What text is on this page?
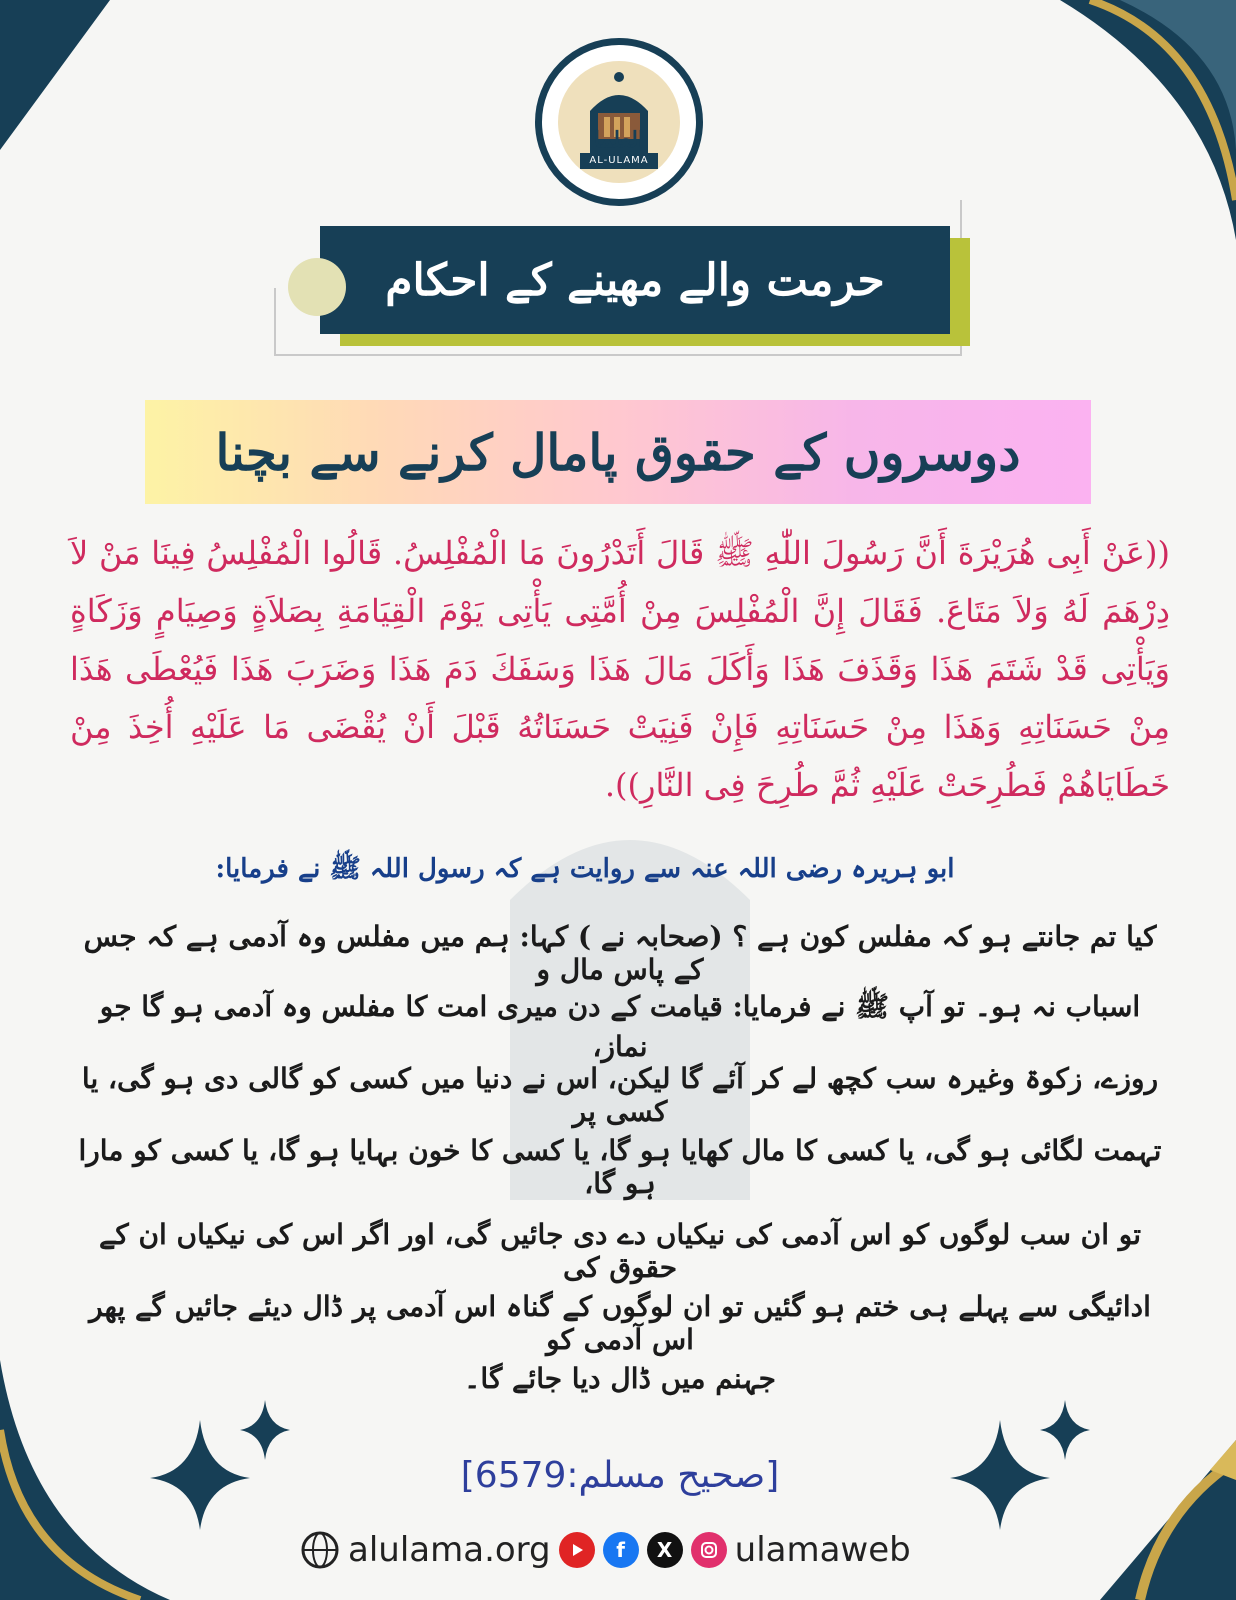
العلما
AL-ULAMA
حرمت والے مهینے کے احکام
دوسروں کے حقوق پامال کرنے سے بچنا
((عَنْ أَبِی هُرَیْرَةَ أَنَّ رَسُولَ اللّٰهِ ﷺ قَالَ أَتَدْرُونَ مَا الْمُفْلِسُ. قَالُوا الْمُفْلِسُ فِینَا مَنْ لاَ دِرْهَمَ لَهُ وَلاَ مَتَاعَ. فَقَالَ إِنَّ الْمُفْلِسَ مِنْ أُمَّتِی یَأْتِی یَوْمَ الْقِیَامَةِ بِصَلاَةٍ وَصِیَامٍ وَزَکَاةٍ وَیَأْتِی قَدْ شَتَمَ هَذَا وَقَذَفَ هَذَا وَأَكَلَ مَالَ هَذَا وَسَفَكَ دَمَ هَذَا وَضَرَبَ هَذَا فَیُعْطَى هَذَا مِنْ حَسَنَاتِهِ وَهَذَا مِنْ حَسَنَاتِهِ فَإِنْ فَنِیَتْ حَسَنَاتُهُ قَبْلَ أَنْ یُقْضَى مَا عَلَیْهِ أُخِذَ مِنْ خَطَایَاهُمْ فَطُرِحَتْ عَلَیْهِ ثُمَّ طُرِحَ فِی النَّارِ)).
ابو ہریرہ رضی اللہ عنہ سے روایت ہے کہ رسول اللہ ﷺ نے فرمایا:
کیا تم جانتے ہو کہ مفلس کون ہے ؟ (صحابہ نے ) کہا: ہم میں مفلس وہ آدمی ہے کہ جس کے پاس مال و
اسباب نہ ہو۔ تو آپ ﷺ نے فرمایا: قیامت کے دن میری امت کا مفلس وہ آدمی ہو گا جو نماز،
روزے، زکوۃ وغیرہ سب کچھ لے کر آئے گا لیکن، اس نے دنیا میں کسی کو گالی دی ہو گی، یا کسی پر
تہمت لگائی ہو گی، یا کسی کا مال کھایا ہو گا، یا کسی کا خون بہایا ہو گا، یا کسی کو مارا ہو گا،
تو ان سب لوگوں کو اس آدمی کی نیکیاں دے دی جائیں گی، اور اگر اس کی نیکیاں ان کے حقوق کی
ادائیگی سے پہلے ہی ختم ہو گئیں تو ان لوگوں کے گناہ اس آدمی پر ڈال دیئے جائیں گے پھر اس آدمی کو
جہنم میں ڈال دیا جائے گا۔
[صحیح مسلم:6579]
alulama.org	f	X	ulamaweb
